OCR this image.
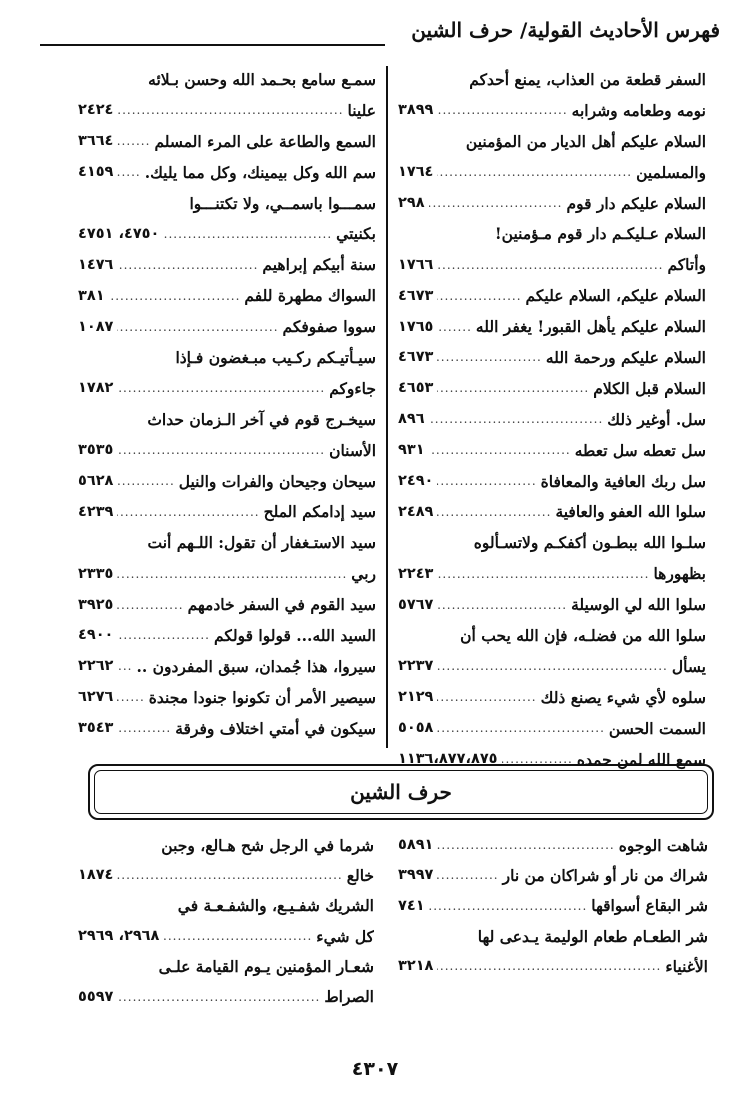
فهرس الأحاديث القولية/ حرف الشين
السفر قطعة من العذاب، يمنع أحدكم
نومه وطعامه وشرابه
.....
٣٨٩٩
السلام عليكم أهل الديار من المؤمنين
والمسلمين
.....
١٧٦٤
السلام عليكم دار قوم
.....
٢٩٨
السلام عـليكـم دار قوم مـؤمنين!
وأتاكم
.....
١٧٦٦
السلام عليكم، السلام عليكم
.....
٤٦٧٣
السلام عليكم يأهل القبور! يغفر الله
.....
١٧٦٥
السلام عليكم ورحمة الله
.....
٤٦٧٣
السلام قبل الكلام
.....
٤٦٥٣
سل. أوغير ذلك
.....
٨٩٦
سل تعطه سل تعطه
.....
٩٣١
سل ربك العافية والمعافاة
.....
٢٤٩٠
سلوا الله العفو والعافية
.....
٢٤٨٩
سلـوا الله ببطـون أكفكـم ولاتسـألوه
بظهورها
.....
٢٢٤٣
سلوا الله لي الوسيلة
.....
٥٧٦٧
سلوا الله من فضلـه، فإن الله يحب أن
يسأل
.....
٢٢٣٧
سلوه لأي شيء يصنع ذلك
.....
٢١٢٩
السمت الحسن
.....
٥٠٥٨
سمع الله لمن حمده
.....
١١٣٦،٨٧٧،٨٧٥
سمـع سامع بحـمد الله وحسن بـلائه
علينا
.....
٢٤٢٤
السمع والطاعة على المرء المسلم
.....
٣٦٦٤
سم الله وكل بيمينك، وكل مما يليك.
.....
٤١٥٩
سمـــوا باسمــي، ولا تكتنـــوا
بكنيتي
.....
٤٧٥٠، ٤٧٥١
سنة أبيكم إبراهيم
.....
١٤٧٦
السواك مطهرة للفم
.....
٣٨١
سووا صفوفكم
.....
١٠٨٧
سيـأتيـكم ركـيب مبـغضون فـإذا
جاءوكم
.....
١٧٨٢
سيخـرج قوم في آخر الـزمان حداث
الأسنان
.....
٣٥٣٥
سيحان وجيحان والفرات والنيل
.....
٥٦٢٨
سيد إدامكم الملح
.....
٤٢٣٩
سيد الاستـغفار أن تقول: اللـهم أنت
ربي
.....
٢٣٣٥
سيد القوم في السفر خادمهم
.....
٣٩٢٥
السيد الله... قولوا قولكم
.....
٤٩٠٠
سيروا، هذا جُمدان، سبق المفردون ..
.....
٢٢٦٢
سيصير الأمر أن تكونوا جنودا مجندة
.....
٦٢٧٦
سيكون في أمتي اختلاف وفرقة
.....
٣٥٤٣
حرف الشين
شاهت الوجوه
.....
٥٨٩١
شراك من نار أو شراكان من نار
.....
٣٩٩٧
شر البقاع أسواقها
.....
٧٤١
شر الطعـام طعام الوليمة يـدعى لها
الأغنياء
.....
٣٢١٨
شرما في الرجل شح هـالع، وجبن
خالع
.....
١٨٧٤
الشريك شفـيـع، والشفـعـة في
كل شيء
.....
٢٩٦٨، ٢٩٦٩
شعـار المؤمنين يـوم القيامة علـى
الصراط
.....
٥٥٩٧
٤٣٠٧
